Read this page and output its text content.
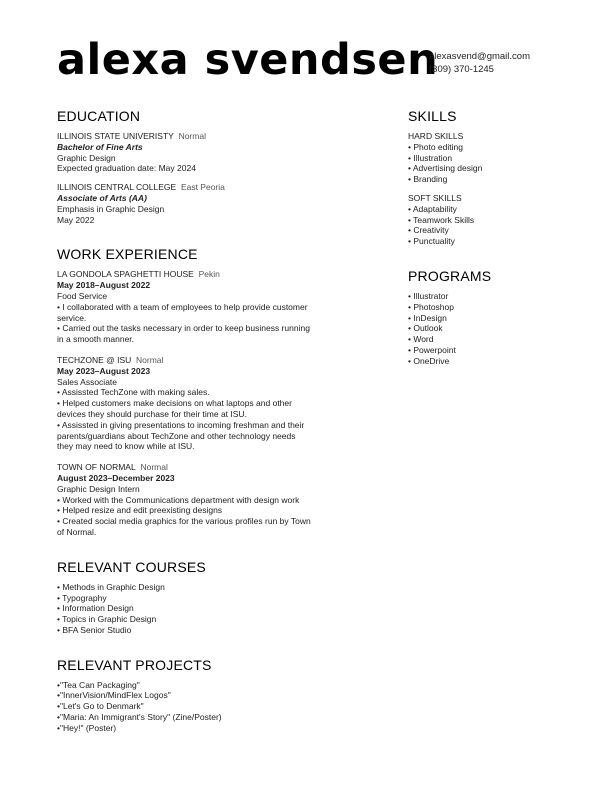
alexa svendsen
alexasvend@gmail.com
(309) 370-1245
EDUCATION
ILLINOIS STATE UNIVERISTY Normal
Bachelor of Fine Arts
Graphic Design
Expected graduation date: May 2024
ILLINOIS CENTRAL COLLEGE East Peoria
Associate of Arts (AA)
Emphasis in Graphic Design
May 2022
WORK EXPERIENCE
LA GONDOLA SPAGHETTI HOUSE Pekin
May 2018–August 2022
Food Service
• I collaborated with a team of employees to help provide customer
service.
• Carried out the tasks necessary in order to keep business running
in a smooth manner.
TECHZONE @ ISU Normal
May 2023–August 2023
Sales Associate
• Assissted TechZone with making sales.
• Helped customers make decisions on what laptops and other
devices they should purchase for their time at ISU.
• Assissted in giving presentations to incoming freshman and their
parents/guardians about TechZone and other technology needs
they may need to know while at ISU.
TOWN OF NORMAL Normal
August 2023–December 2023
Graphic Design Intern
• Worked with the Communications department with design work
• Helped resize and edit preexisting designs
• Created social media graphics for the various profiles run by Town
of Normal.
RELEVANT COURSES
• Methods in Graphic Design
• Typography
• Information Design
• Topics in Graphic Design
• BFA Senior Studio
RELEVANT PROJECTS
•"Tea Can Packaging"
•"InnerVision/MindFlex Logos"
•"Let's Go to Denmark"
•"Maria: An Immigrant's Story" (Zine/Poster)
•"Hey!" (Poster)
SKILLS
HARD SKILLS
• Photo editing
• Illustration
• Advertising design
• Branding
SOFT SKILLS
• Adaptability
• Teamwork Skills
• Creativity
• Punctuality
PROGRAMS
• Illustrator
• Photoshop
• InDesign
• Outlook
• Word
• Powerpoint
• OneDrive
